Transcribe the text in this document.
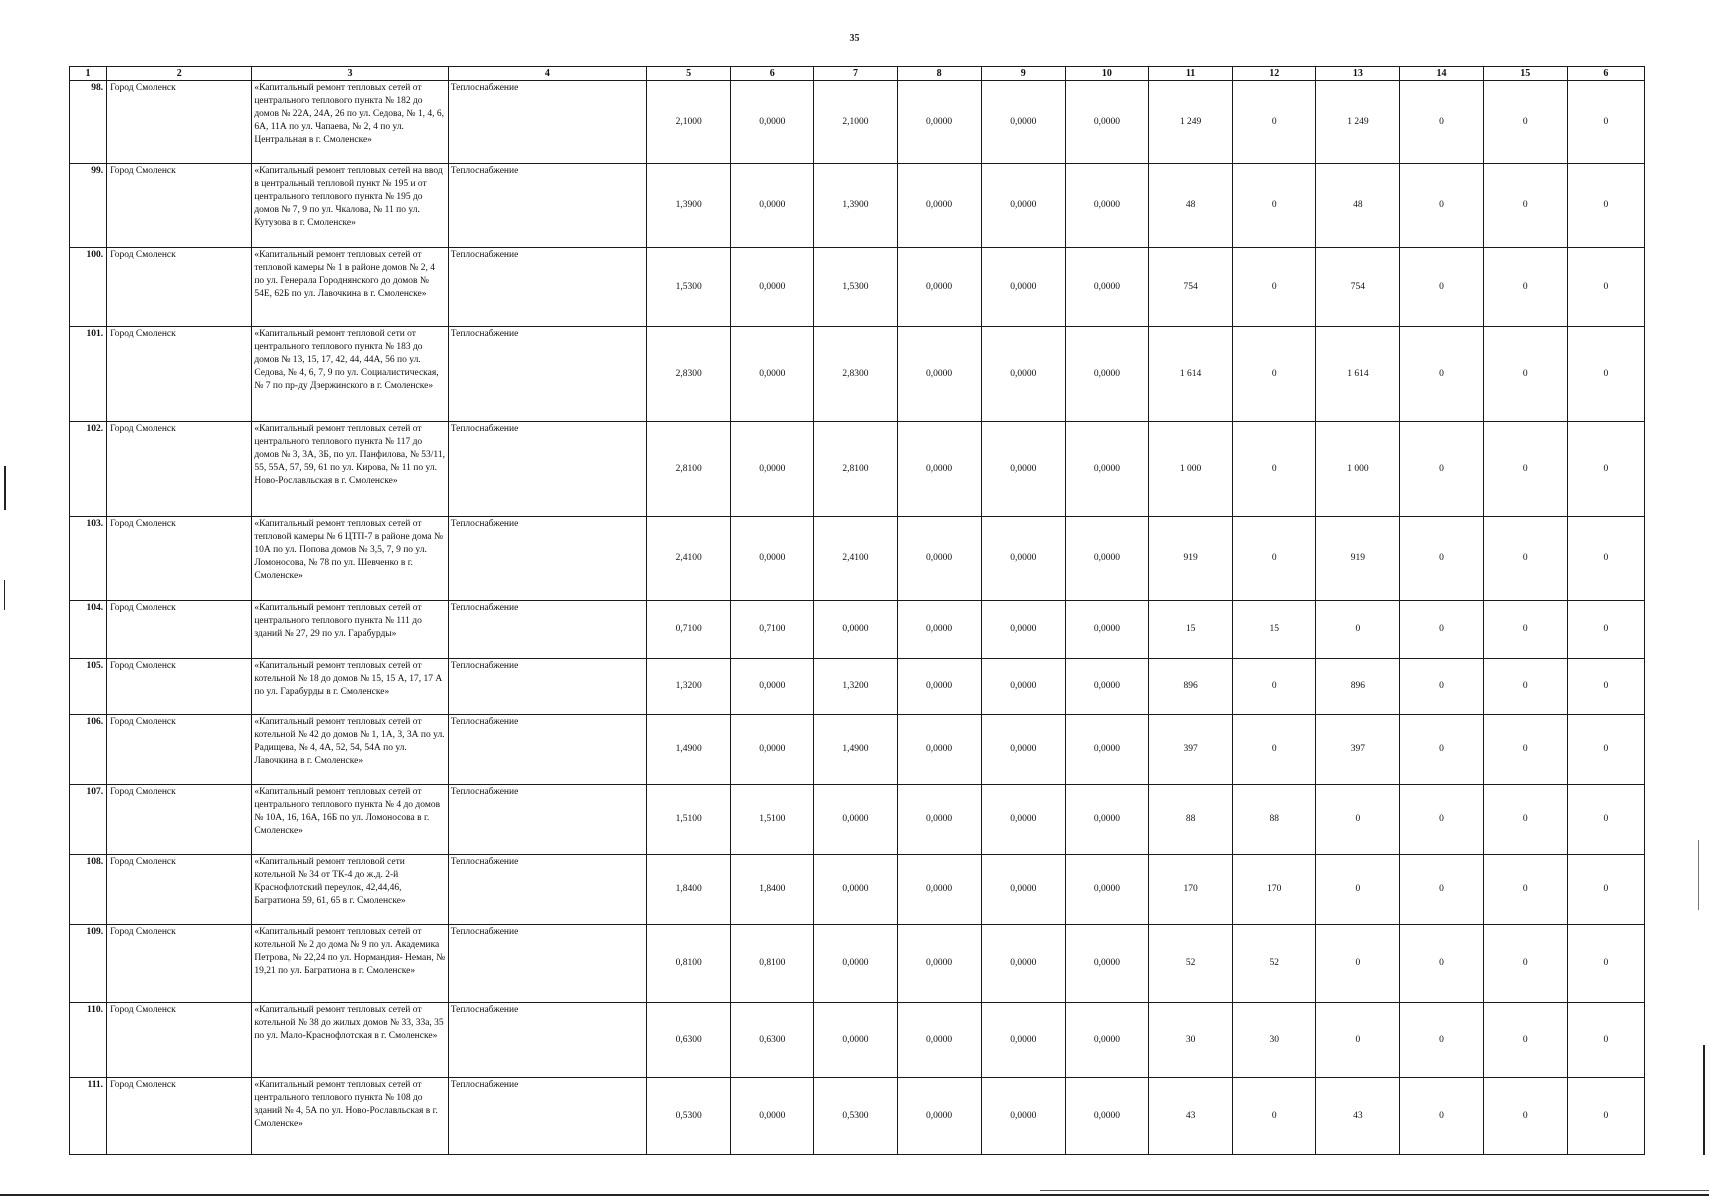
35
1	2	3	4	5	6	7	8	9	10	11	12	13	14	15	6
98.	Город Смоленск	«Капитальный ремонт тепловых сетей от центрального теплового пункта № 182 до домов № 22А, 24А, 26 по ул. Седова, № 1, 4, 6, 6А, 11А по ул. Чапаева, № 2, 4 по ул. Центральная в г. Смоленске»	Теплоснабжение	2,1000	0,0000	2,1000	0,0000	0,0000	0,0000	1 249	0	1 249	0	0	0
99.	Город Смоленск	«Капитальный ремонт тепловых сетей на ввод в центральный тепловой пункт № 195 и от центрального теплового пункта № 195 до домов № 7, 9 по ул. Чкалова, № 11 по ул. Кутузова в г. Смоленске»	Теплоснабжение	1,3900	0,0000	1,3900	0,0000	0,0000	0,0000	48	0	48	0	0	0
100.	Город Смоленск	«Капитальный ремонт тепловых сетей от тепловой камеры № 1 в районе домов № 2, 4 по ул. Генерала Городнянского до домов № 54Е, 62Б по ул. Лавочкина в г. Смоленске»	Теплоснабжение	1,5300	0,0000	1,5300	0,0000	0,0000	0,0000	754	0	754	0	0	0
101.	Город Смоленск	«Капитальный ремонт тепловой сети от центрального теплового пункта № 183 до домов № 13, 15, 17, 42, 44, 44А, 56 по ул. Седова, № 4, 6, 7, 9 по ул. Социалистическая, № 7 по пр-ду Дзержинского в г. Смоленске»	Теплоснабжение	2,8300	0,0000	2,8300	0,0000	0,0000	0,0000	1 614	0	1 614	0	0	0
102.	Город Смоленск	«Капитальный ремонт тепловых сетей от центрального теплового пункта № 117 до домов № 3, 3А, 3Б, по ул. Панфилова, № 53/11, 55, 55А, 57, 59, 61 по ул. Кирова, № 11 по ул. Ново-Рославльская в г. Смоленске»	Теплоснабжение	2,8100	0,0000	2,8100	0,0000	0,0000	0,0000	1 000	0	1 000	0	0	0
103.	Город Смоленск	«Капитальный ремонт тепловых сетей от тепловой камеры № 6 ЦТП-7 в районе дома № 10А по ул. Попова домов № 3,5, 7, 9 по ул. Ломоносова, № 78 по ул. Шевченко в г. Смоленске»	Теплоснабжение	2,4100	0,0000	2,4100	0,0000	0,0000	0,0000	919	0	919	0	0	0
104.	Город Смоленск	«Капитальный ремонт тепловых сетей от центрального теплового пункта № 111 до зданий № 27, 29 по ул. Гарабурды»	Теплоснабжение	0,7100	0,7100	0,0000	0,0000	0,0000	0,0000	15	15	0	0	0	0
105.	Город Смоленск	«Капитальный ремонт тепловых сетей от котельной № 18 до домов № 15, 15 А, 17, 17 А по ул. Гарабурды в г. Смоленске»	Теплоснабжение	1,3200	0,0000	1,3200	0,0000	0,0000	0,0000	896	0	896	0	0	0
106.	Город Смоленск	«Капитальный ремонт тепловых сетей от котельной № 42 до домов № 1, 1А, 3, 3А по ул. Радищева, № 4, 4А, 52, 54, 54А по ул. Лавочкина в г. Смоленске»	Теплоснабжение	1,4900	0,0000	1,4900	0,0000	0,0000	0,0000	397	0	397	0	0	0
107.	Город Смоленск	«Капитальный ремонт тепловых сетей от центрального теплового пункта № 4 до домов № 10А, 16, 16А, 16Б по ул. Ломоносова в г. Смоленске»	Теплоснабжение	1,5100	1,5100	0,0000	0,0000	0,0000	0,0000	88	88	0	0	0	0
108.	Город Смоленск	«Капитальный ремонт тепловой сети котельной № 34 от ТК-4 до ж.д. 2-й Краснофлотский переулок, 42,44,46, Багратиона 59, 61, 65 в г. Смоленске»	Теплоснабжение	1,8400	1,8400	0,0000	0,0000	0,0000	0,0000	170	170	0	0	0	0
109.	Город Смоленск	«Капитальный ремонт тепловых сетей от котельной № 2 до дома № 9 по ул. Академика Петрова, № 22,24 по ул. Нормандия- Неман, № 19,21 по ул. Багратиона в г. Смоленске»	Теплоснабжение	0,8100	0,8100	0,0000	0,0000	0,0000	0,0000	52	52	0	0	0	0
110.	Город Смоленск	«Капитальный ремонт тепловых сетей от котельной № 38 до жилых домов № 33, 33а, 35 по ул. Мало-Краснофлотская в г. Смоленске»	Теплоснабжение	0,6300	0,6300	0,0000	0,0000	0,0000	0,0000	30	30	0	0	0	0
111.	Город Смоленск	«Капитальный ремонт тепловых сетей от центрального теплового пункта № 108 до зданий № 4, 5А по ул. Ново-Рославльская в г. Смоленске»	Теплоснабжение	0,5300	0,0000	0,5300	0,0000	0,0000	0,0000	43	0	43	0	0	0
